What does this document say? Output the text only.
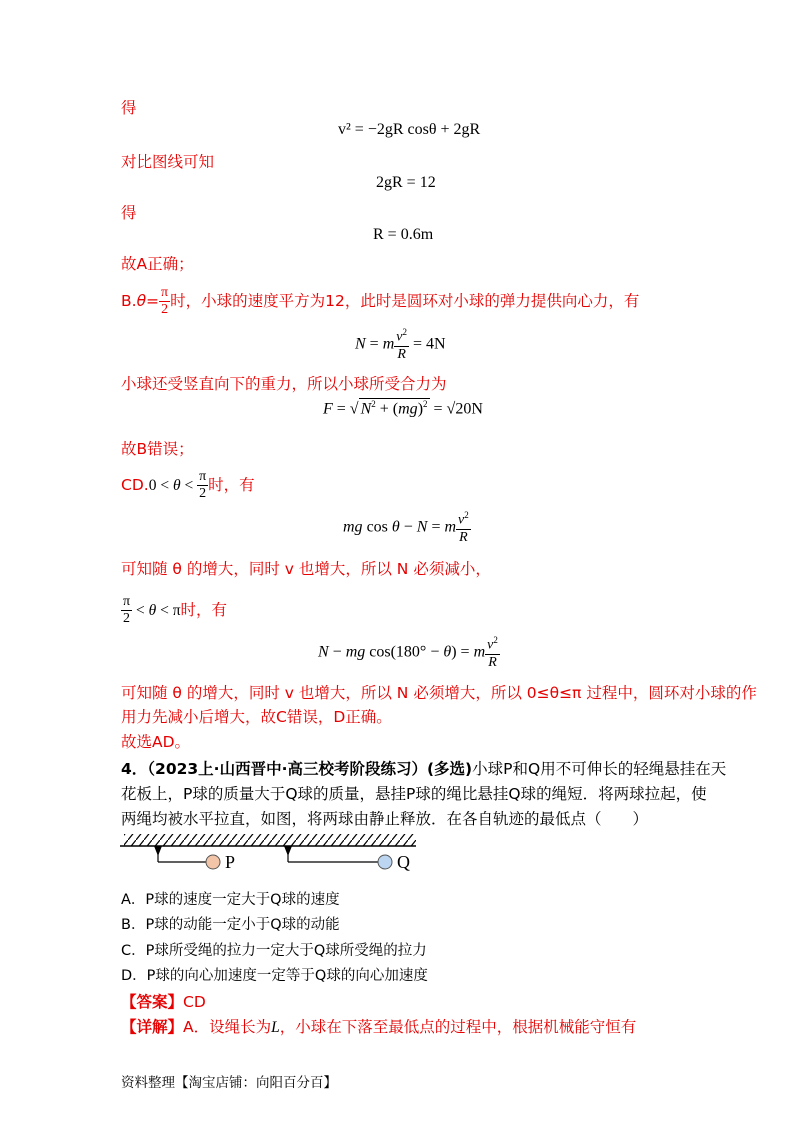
得
v² = −2gR cosθ + 2gR
对比图线可知
2gR = 12
得
R = 0.6m
故A正确；
$B.\theta= \frac{\pi}{2}$ 时，小球的速度平方为12，此时是圆环对小球的弹力提供向心力，有
N = m $\frac{v^2}{R} = 4N$
小球还受竖直向下的重力，所以小球所受合力为
F = √ $N^2 + (mg)^2 = √20N$
故B错误；
$CD.0 < \theta < \frac{\pi}{2}$ 时，有
mg cos θ − N = m $\frac{v^2}{R}$
可知随 θ 的增大，同时 v 也增大，所以 N 必须减小，
$\frac{\pi}{2} < \theta < \pi$时，有
N − mg cos(180° − θ) = m $\frac{v^2}{R}$
可知随 θ 的增大，同时 v 也增大，所以 N 必须增大，所以 0≤θ≤π 过程中，圆环对小球的作
用力先减小后增大，故C错误，D正确。
故选AD。
4．（2023上·山西晋中·高三校考阶段练习）(多选)小球P和Q用不可伸长的轻绳悬挂在天
花板上，P球的质量大于Q球的质量，悬挂P球的绳比悬挂Q球的绳短．将两球拉起，使
两绳均被水平拉直，如图，将两球由静止释放．在各自轨迹的最低点（　　）
P	Q
A．P球的速度一定大于Q球的速度
B．P球的动能一定小于Q球的动能
C．P球所受绳的拉力一定大于Q球所受绳的拉力
D．P球的向心加速度一定等于Q球的向心加速度
【答案】CD
【详解】A．设绳长为L，小球在下落至最低点的过程中，根据机械能守恒有
资料整理【淘宝店铺：向阳百分百】
